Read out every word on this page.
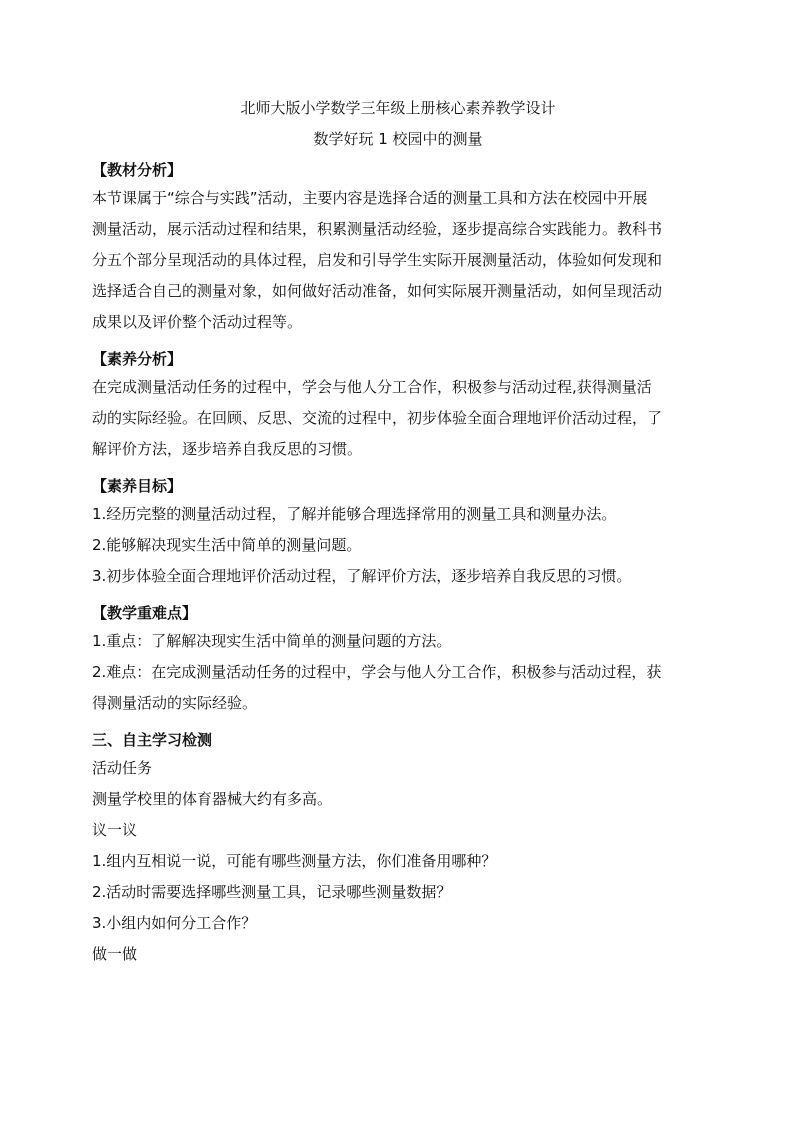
北师大版小学数学三年级上册核心素养教学设计
数学好玩 1 校园中的测量
【教材分析】
本节课属于“综合与实践”活动，主要内容是选择合适的测量工具和方法在校园中开展
测量活动，展示活动过程和结果，积累测量活动经验，逐步提高综合实践能力。教科书
分五个部分呈现活动的具体过程，启发和引导学生实际开展测量活动，体验如何发现和
选择适合自己的测量对象，如何做好活动准备，如何实际展开测量活动，如何呈现活动
成果以及评价整个活动过程等。
【素养分析】
在完成测量活动任务的过程中，学会与他人分工合作，积极参与活动过程,获得测量活
动的实际经验。在回顾、反思、交流的过程中，初步体验全面合理地评价活动过程，了
解评价方法，逐步培养自我反思的习惯。
【素养目标】
1.经历完整的测量活动过程，了解并能够合理选择常用的测量工具和测量办法。
2.能够解决现实生活中简单的测量问题。
3.初步体验全面合理地评价活动过程，了解评价方法，逐步培养自我反思的习惯。
【教学重难点】
1.重点：了解解决现实生活中简单的测量问题的方法。
2.难点：在完成测量活动任务的过程中，学会与他人分工合作，积极参与活动过程，获
得测量活动的实际经验。
三、自主学习检测
活动任务
测量学校里的体育器械大约有多高。
议一议
1.组内互相说一说，可能有哪些测量方法，你们准备用哪种？
2.活动时需要选择哪些测量工具，记录哪些测量数据？
3.小组内如何分工合作？
做一做
